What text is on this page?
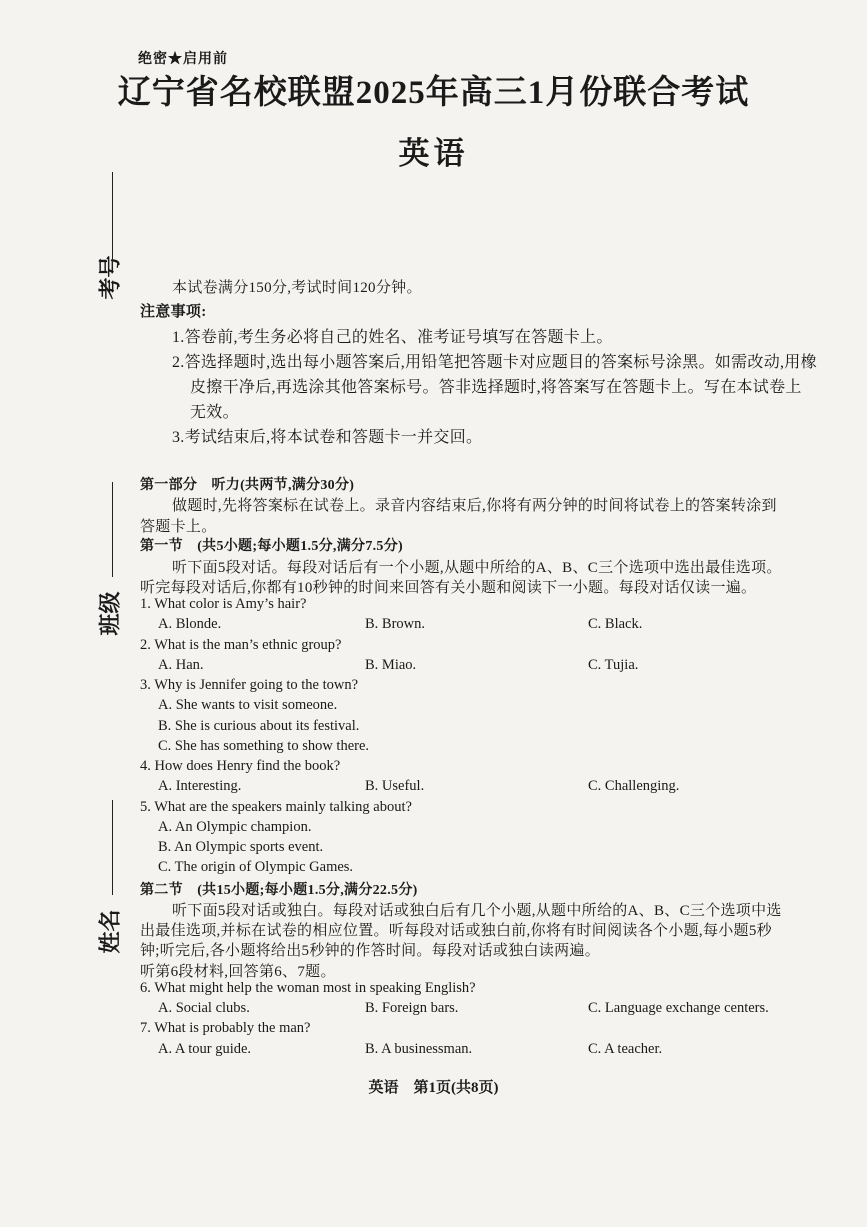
绝密★启用前
辽宁省名校联盟2025年高三1月份联合考试
英语
考号
班级
姓名
本试卷满分150分,考试时间120分钟。
注意事项:
1.答卷前,考生务必将自己的姓名、准考证号填写在答题卡上。
2.答选择题时,选出每小题答案后,用铅笔把答题卡对应题目的答案标号涂黑。如需改动,用橡
皮擦干净后,再选涂其他答案标号。答非选择题时,将答案写在答题卡上。写在本试卷上
无效。
3.考试结束后,将本试卷和答题卡一并交回。
第一部分　听力(共两节,满分30分)
做题时,先将答案标在试卷上。录音内容结束后,你将有两分钟的时间将试卷上的答案转涂到
答题卡上。
第一节　(共5小题;每小题1.5分,满分7.5分)
听下面5段对话。每段对话后有一个小题,从题中所给的A、B、C三个选项中选出最佳选项。
听完每段对话后,你都有10秒钟的时间来回答有关小题和阅读下一小题。每段对话仅读一遍。
1. What color is Amy’s hair?
A. Blonde.	B. Brown.	C. Black.
2. What is the man’s ethnic group?
A. Han.	B. Miao.	C. Tujia.
3. Why is Jennifer going to the town?
A. She wants to visit someone.
B. She is curious about its festival.
C. She has something to show there.
4. How does Henry find the book?
A. Interesting.	B. Useful.	C. Challenging.
5. What are the speakers mainly talking about?
A. An Olympic champion.
B. An Olympic sports event.
C. The origin of Olympic Games.
第二节　(共15小题;每小题1.5分,满分22.5分)
听下面5段对话或独白。每段对话或独白后有几个小题,从题中所给的A、B、C三个选项中选
出最佳选项,并标在试卷的相应位置。听每段对话或独白前,你将有时间阅读各个小题,每小题5秒
钟;听完后,各小题将给出5秒钟的作答时间。每段对话或独白读两遍。
听第6段材料,回答第6、7题。
6. What might help the woman most in speaking English?
A. Social clubs.	B. Foreign bars.	C. Language exchange centers.
7. What is probably the man?
A. A tour guide.	B. A businessman.	C. A teacher.
英语　第1页(共8页)
